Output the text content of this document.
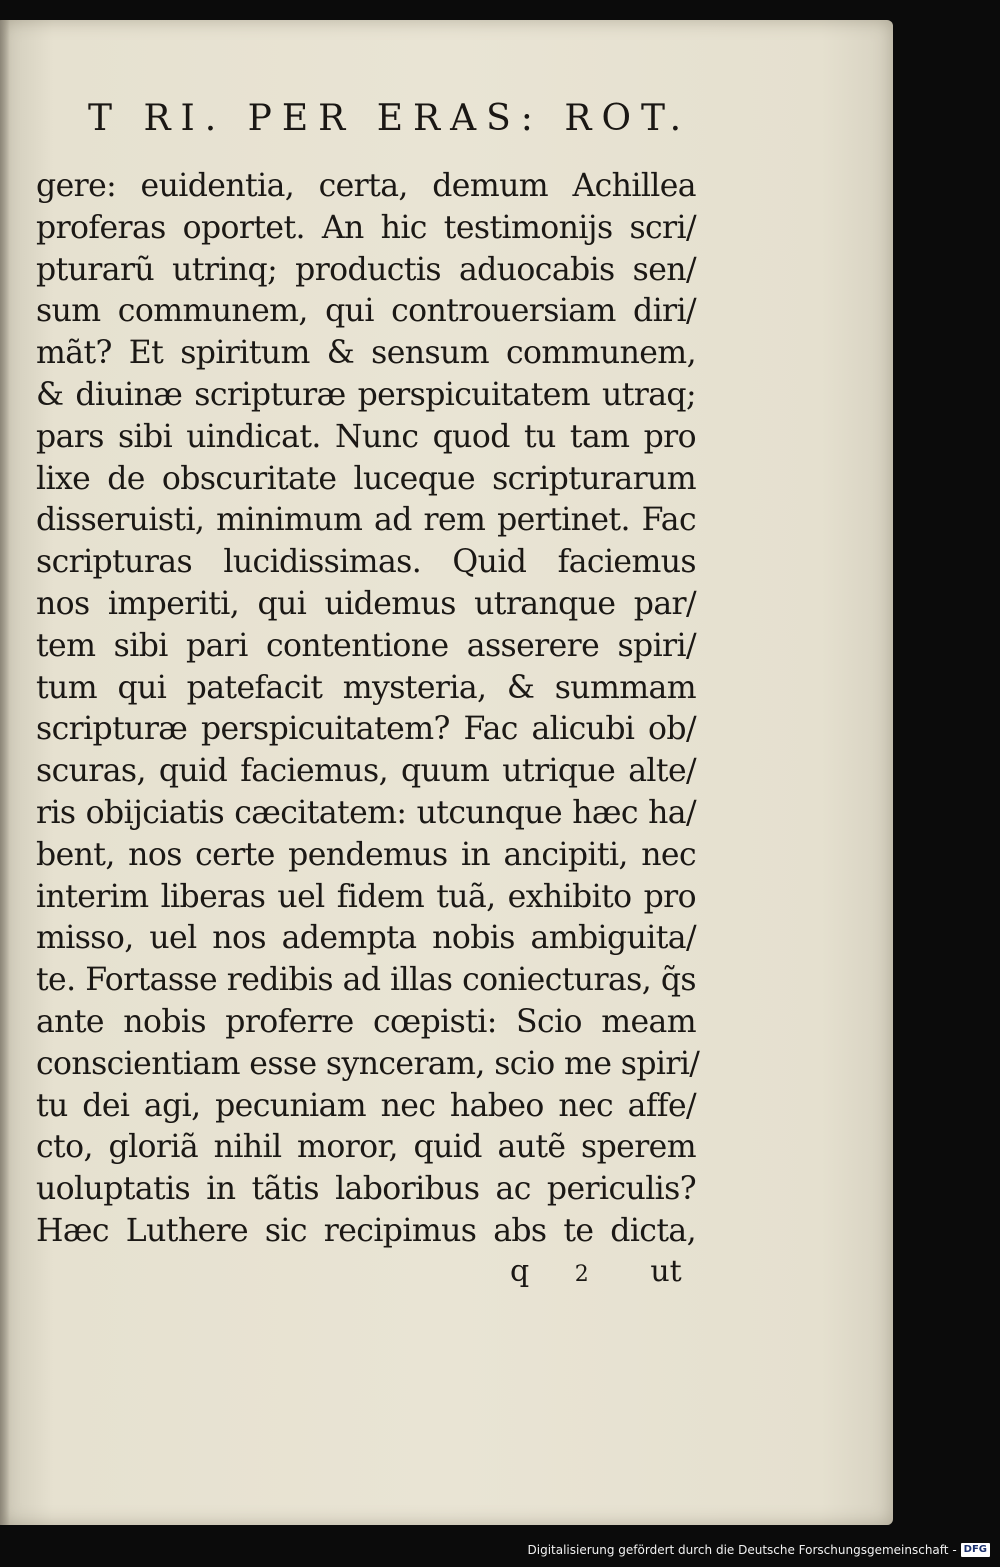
T RI. PER ERAS: ROT.
gere: euidentia, certa, demum Achillea
proferas oportet. An hic testimonijs scri/
pturarũ utrinq; productis aduocabis sen/
sum communem, qui controuersiam diri/
mãt? Et spiritum & sensum communem,
& diuinæ scripturæ perspicuitatem utraq;
pars sibi uindicat. Nunc quod tu tam pro
lixe de obscuritate luceque scripturarum
disseruisti, minimum ad rem pertinet. Fac
scripturas lucidissimas. Quid faciemus
nos imperiti, qui uidemus utranque par/
tem sibi pari contentione asserere spiri/
tum qui patefacit mysteria, & summam
scripturæ perspicuitatem? Fac alicubi ob/
scuras, quid faciemus, quum utrique alte/
ris obijciatis cæcitatem: utcunque hæc ha/
bent, nos certe pendemus in ancipiti, nec
interim liberas uel fidem tuã, exhibito pro
misso, uel nos adempta nobis ambiguita/
te. Fortasse redibis ad illas coniecturas, q̃s
ante nobis proferre cœpisti: Scio meam
conscientiam esse synceram, scio me spiri/
tu dei agi, pecuniam nec habeo nec affe/
cto, gloriã nihil moror, quid autẽ sperem
uoluptatis in tãtis laboribus ac periculis?
Hæc Luthere sic recipimus abs te dicta,
q 2 ut
Digitalisierung gefördert durch die Deutsche Forschungsgemeinschaft - DFG
